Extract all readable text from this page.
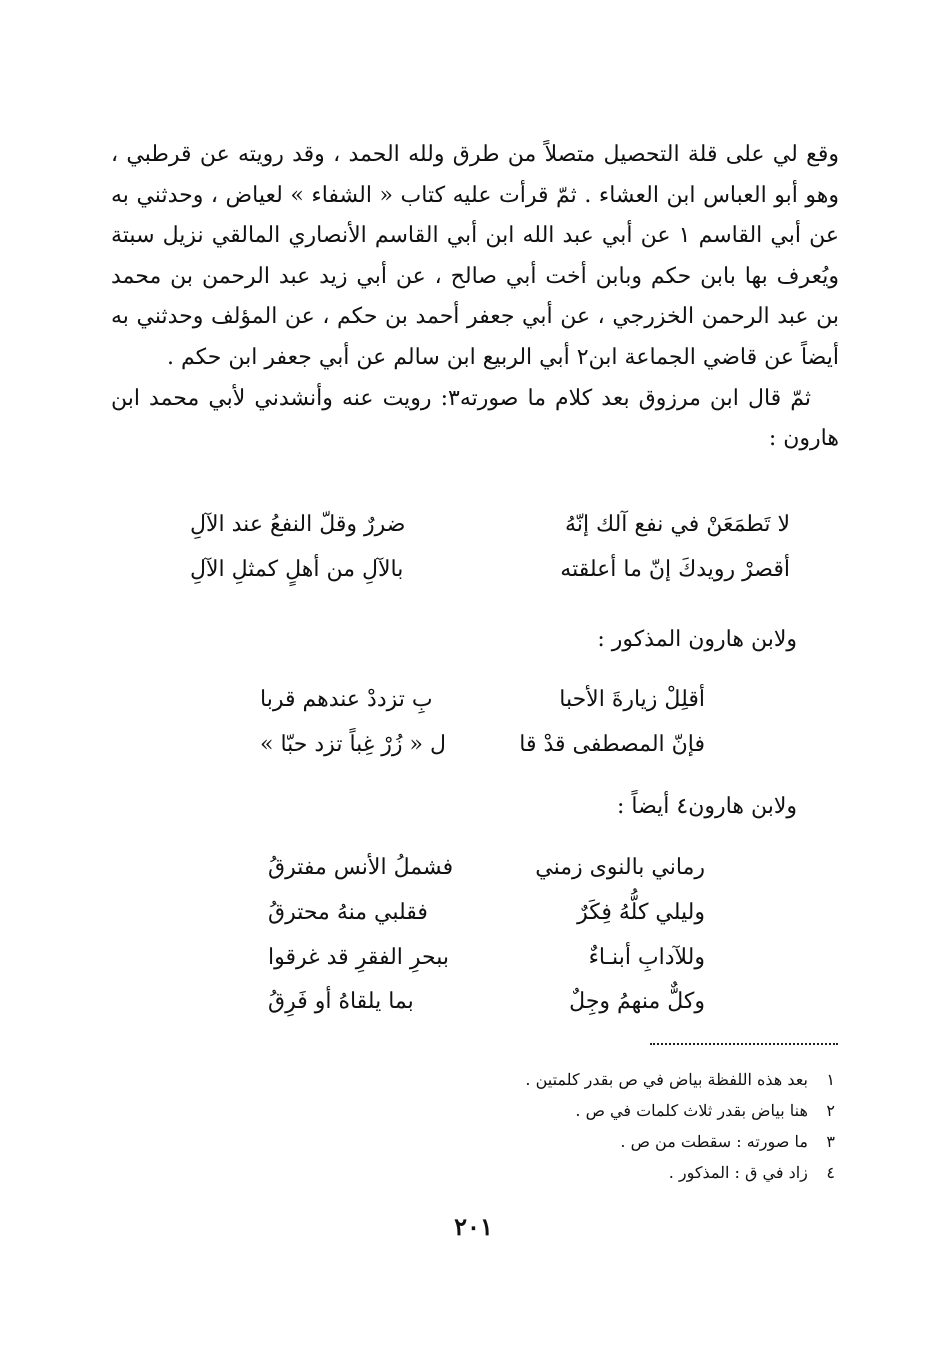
وقع لي على قلة التحصيل متصلاً من طرق ولله الحمد ، وقد رويته عن قرطبي ، وهو أبو العباس ابن العشاء . ثمّ قرأت عليه كتاب « الشفاء » لعياض ، وحدثني به عن أبي القاسم ١ عن أبي عبد الله ابن أبي القاسم الأنصاري المالقي نزيل سبتة ويُعرف بها بابن حكم وبابن أخت أبي صالح ، عن أبي زيد عبد الرحمن بن محمد بن عبد الرحمن الخزرجي ، عن أبي جعفر أحمد بن حكم ، عن المؤلف وحدثني به أيضاً عن قاضي الجماعة ابن٢ أبي الربيع ابن سالم عن أبي جعفر ابن حكم .

ثمّ قال ابن مرزوق بعد كلام ما صورته٣: رويت عنه وأنشدني لأبي محمد ابن هارون :

لا تَطمَعَنْ في نفع آلك إنّهُ
ضررٌ وقلّ النفعُ عند الآلِ
أقصرْ رويدكَ إنّ ما أعلقته
بالآلِ من أهلٍ كمثلِ الآلِ
ولابن هارون المذكور :
أقلِلْ زيارةَ الأحبا
بِ تزددْ عندهم قربا
فإنّ المصطفى قدْ قا
ل « زُرْ غِباً تزد حبّا »
ولابن هارون٤ أيضاً :
رماني بالنوى زمني
فشملُ الأنس مفترقُ
وليلي كلُّهُ فِكَرٌ
فقلبي منهُ محترقُ
وللآدابِ أبنـاءٌ
ببحرِ الفقرِ قد غرقوا
وكلٌّ منهمُ وجِلٌ
بما يلقاهُ أو فَرِقُ
١ بعد هذه اللفظة بياض في ص بقدر كلمتين .
٢ هنا بياض بقدر ثلاث كلمات في ص .
٣ ما صورته : سقطت من ص .
٤ زاد في ق : المذكور .
٢٠١
